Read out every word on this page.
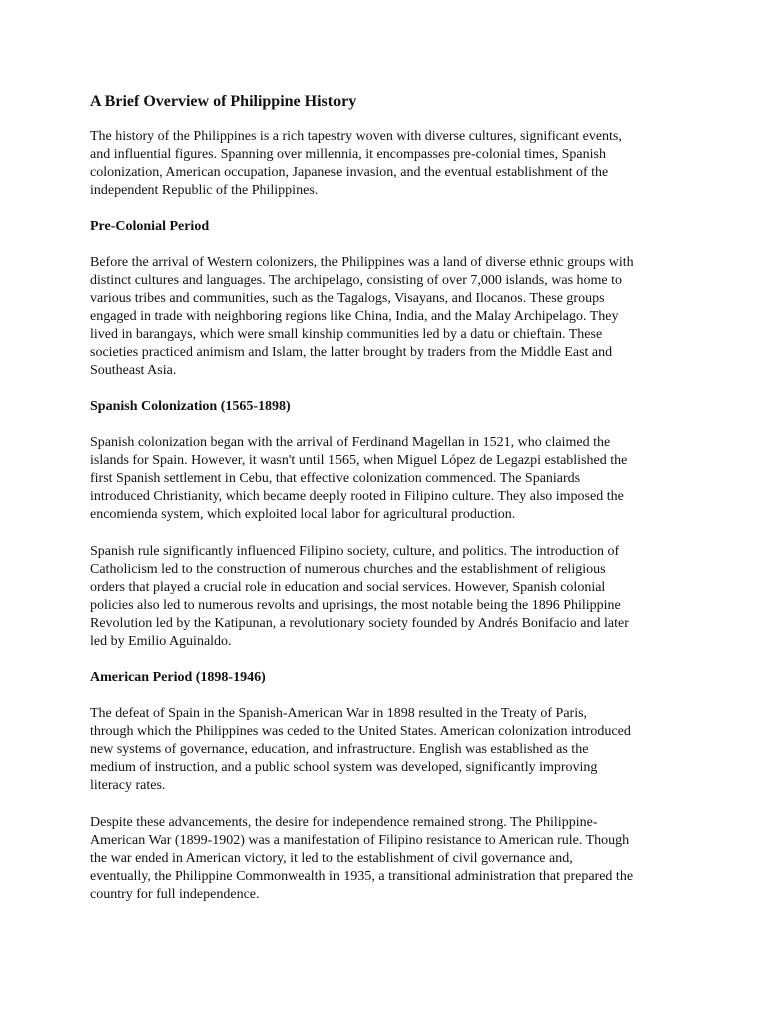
A Brief Overview of Philippine History

The history of the Philippines is a rich tapestry woven with diverse cultures, significant events,
and influential figures. Spanning over millennia, it encompasses pre-colonial times, Spanish
colonization, American occupation, Japanese invasion, and the eventual establishment of the
independent Republic of the Philippines.

Pre-Colonial Period

Before the arrival of Western colonizers, the Philippines was a land of diverse ethnic groups with
distinct cultures and languages. The archipelago, consisting of over 7,000 islands, was home to
various tribes and communities, such as the Tagalogs, Visayans, and Ilocanos. These groups
engaged in trade with neighboring regions like China, India, and the Malay Archipelago. They
lived in barangays, which were small kinship communities led by a datu or chieftain. These
societies practiced animism and Islam, the latter brought by traders from the Middle East and
Southeast Asia.

Spanish Colonization (1565-1898)

Spanish colonization began with the arrival of Ferdinand Magellan in 1521, who claimed the
islands for Spain. However, it wasn't until 1565, when Miguel López de Legazpi established the
first Spanish settlement in Cebu, that effective colonization commenced. The Spaniards
introduced Christianity, which became deeply rooted in Filipino culture. They also imposed the
encomienda system, which exploited local labor for agricultural production.

Spanish rule significantly influenced Filipino society, culture, and politics. The introduction of
Catholicism led to the construction of numerous churches and the establishment of religious
orders that played a crucial role in education and social services. However, Spanish colonial
policies also led to numerous revolts and uprisings, the most notable being the 1896 Philippine
Revolution led by the Katipunan, a revolutionary society founded by Andrés Bonifacio and later
led by Emilio Aguinaldo.

American Period (1898-1946)

The defeat of Spain in the Spanish-American War in 1898 resulted in the Treaty of Paris,
through which the Philippines was ceded to the United States. American colonization introduced
new systems of governance, education, and infrastructure. English was established as the
medium of instruction, and a public school system was developed, significantly improving
literacy rates.

Despite these advancements, the desire for independence remained strong. The Philippine-
American War (1899-1902) was a manifestation of Filipino resistance to American rule. Though
the war ended in American victory, it led to the establishment of civil governance and,
eventually, the Philippine Commonwealth in 1935, a transitional administration that prepared the
country for full independence.
